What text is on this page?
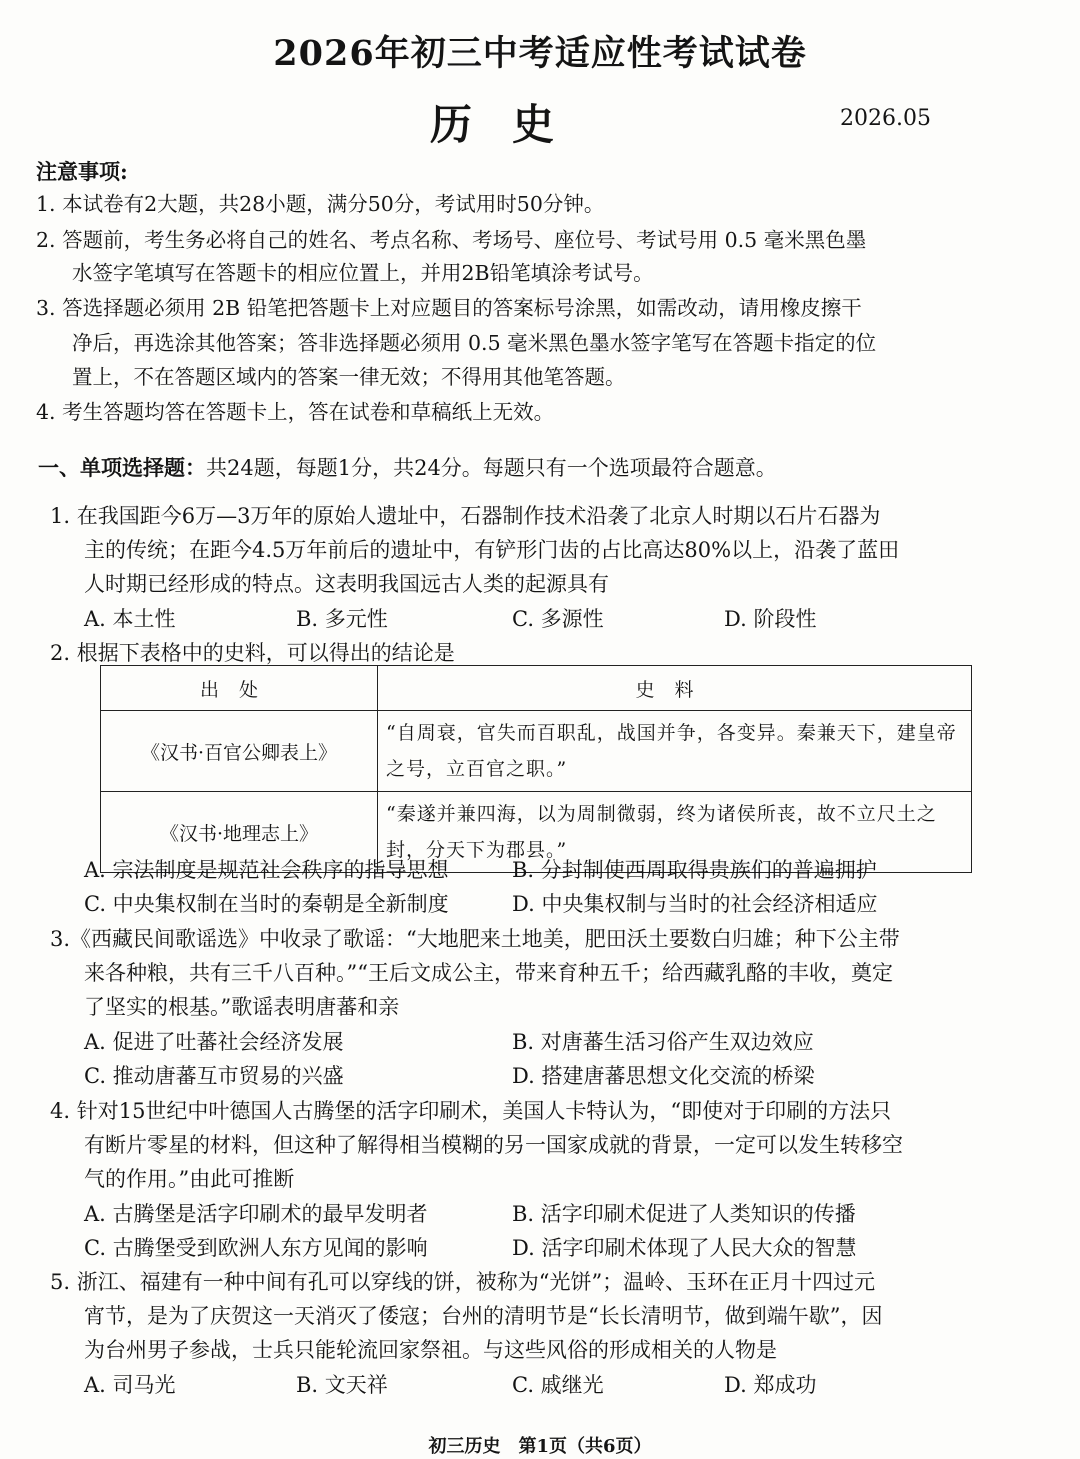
2026年初三中考适应性考试试卷
历史	2026.05
注意事项:
1. 本试卷有2大题，共28小题，满分50分，考试用时50分钟。
2. 答题前，考生务必将自己的姓名、考点名称、考场号、座位号、考试号用 0.5 毫米黑色墨
水签字笔填写在答题卡的相应位置上，并用2B铅笔填涂考试号。
3. 答选择题必须用 2B 铅笔把答题卡上对应题目的答案标号涂黑，如需改动，请用橡皮擦干
净后，再选涂其他答案；答非选择题必须用 0.5 毫米黑色墨水签字笔写在答题卡指定的位
置上，不在答题区域内的答案一律无效；不得用其他笔答题。
4. 考生答题均答在答题卡上，答在试卷和草稿纸上无效。
一、单项选择题：共24题，每题1分，共24分。每题只有一个选项最符合题意。
1. 在我国距今6万—3万年的原始人遗址中，石器制作技术沿袭了北京人时期以石片石器为
主的传统；在距今4.5万年前后的遗址中，有铲形门齿的占比高达80%以上，沿袭了蓝田
人时期已经形成的特点。这表明我国远古人类的起源具有
A. 本土性	B. 多元性	C. 多源性	D. 阶段性
2. 根据下表格中的史料，可以得出的结论是
出处	史料
《汉书·百官公卿表上》	“自周衰，官失而百职乱，战国并争，各变异。秦兼天下，建皇帝之号，立百官之职。”
《汉书·地理志上》	“秦遂并兼四海，以为周制微弱，终为诸侯所丧，故不立尺土之封，分天下为郡县。”
A. 宗法制度是规范社会秩序的指导思想	B. 分封制使西周取得贵族们的普遍拥护
C. 中央集权制在当时的秦朝是全新制度	D. 中央集权制与当时的社会经济相适应
3.《西藏民间歌谣选》中收录了歌谣：“大地肥来土地美，肥田沃土要数白归雄；种下公主带
来各种粮，共有三千八百种。”“王后文成公主，带来育种五千；给西藏乳酪的丰收，奠定
了坚实的根基。”歌谣表明唐蕃和亲
A. 促进了吐蕃社会经济发展	B. 对唐蕃生活习俗产生双边效应
C. 推动唐蕃互市贸易的兴盛	D. 搭建唐蕃思想文化交流的桥梁
4. 针对15世纪中叶德国人古腾堡的活字印刷术，美国人卡特认为，“即使对于印刷的方法只
有断片零星的材料，但这种了解得相当模糊的另一国家成就的背景，一定可以发生转移空
气的作用。”由此可推断
A. 古腾堡是活字印刷术的最早发明者	B. 活字印刷术促进了人类知识的传播
C. 古腾堡受到欧洲人东方见闻的影响	D. 活字印刷术体现了人民大众的智慧
5. 浙江、福建有一种中间有孔可以穿线的饼，被称为“光饼”；温岭、玉环在正月十四过元
宵节，是为了庆贺这一天消灭了倭寇；台州的清明节是“长长清明节，做到端午歇”，因
为台州男子参战，士兵只能轮流回家祭祖。与这些风俗的形成相关的人物是
A. 司马光	B. 文天祥	C. 戚继光	D. 郑成功
初三历史　第1页（共6页）
